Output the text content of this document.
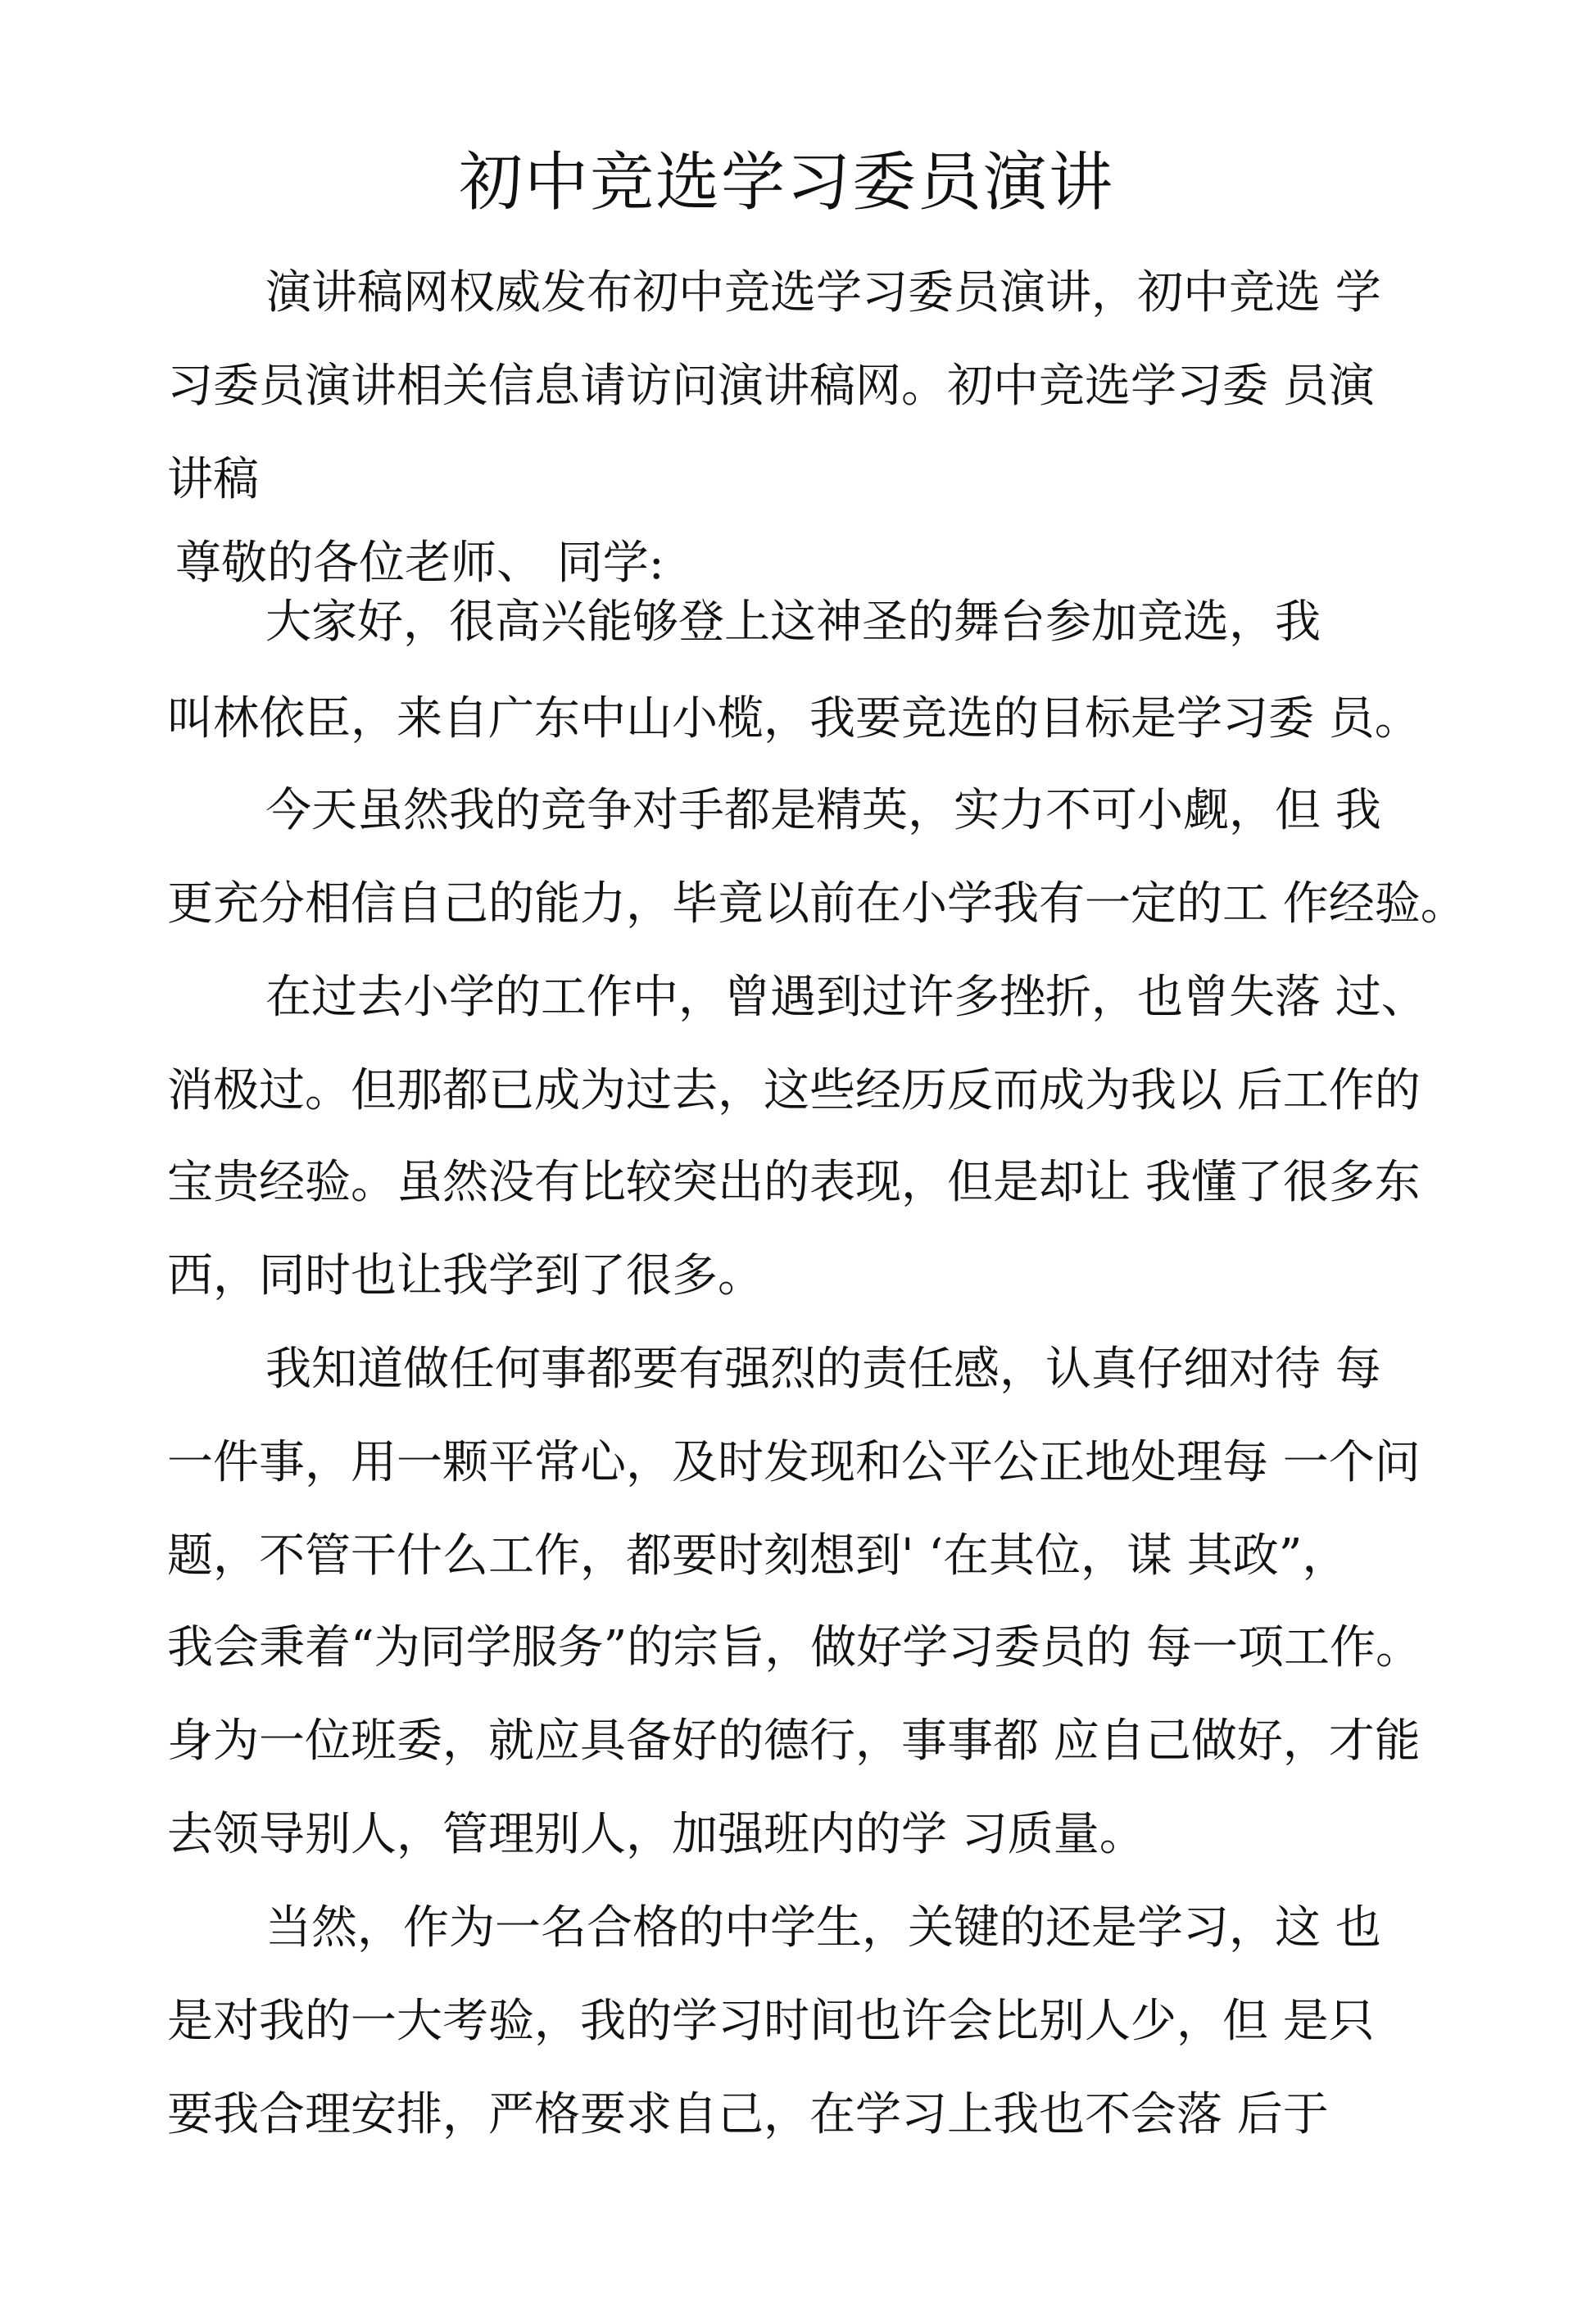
初中竞选学习委员演讲

演讲稿网权威发布初中竞选学习委员演讲，初中竞选 学

习委员演讲相关信息请访问演讲稿网。初中竞选学习委 员演

讲稿

尊敬的各位老师、 同学:

大家好，很高兴能够登上这神圣的舞台参加竞选，我

叫林依臣，来自广东中山小榄，我要竞选的目标是学习委 员。

今天虽然我的竞争对手都是精英，实力不可小觑，但 我

更充分相信自己的能力，毕竟以前在小学我有一定的工 作经验。

在过去小学的工作中，曾遇到过许多挫折，也曾失落 过、

消极过。但那都已成为过去，这些经历反而成为我以 后工作的

宝贵经验。虽然没有比较突出的表现，但是却让 我懂了很多东

西，同时也让我学到了很多。

我知道做任何事都要有强烈的责任感，认真仔细对待 每

一件事，用一颗平常心，及时发现和公平公正地处理每 一个问

题，不管干什么工作，都要时刻想到' ‘在其位，谋 其政”，

我会秉着“为同学服务”的宗旨，做好学习委员的 每一项工作。

身为一位班委，就应具备好的德行，事事都 应自己做好，才能

去领导别人，管理别人，加强班内的学 习质量。

当然，作为一名合格的中学生，关键的还是学习，这 也

是对我的一大考验，我的学习时间也许会比别人少，但 是只

要我合理安排，严格要求自己，在学习上我也不会落 后于
